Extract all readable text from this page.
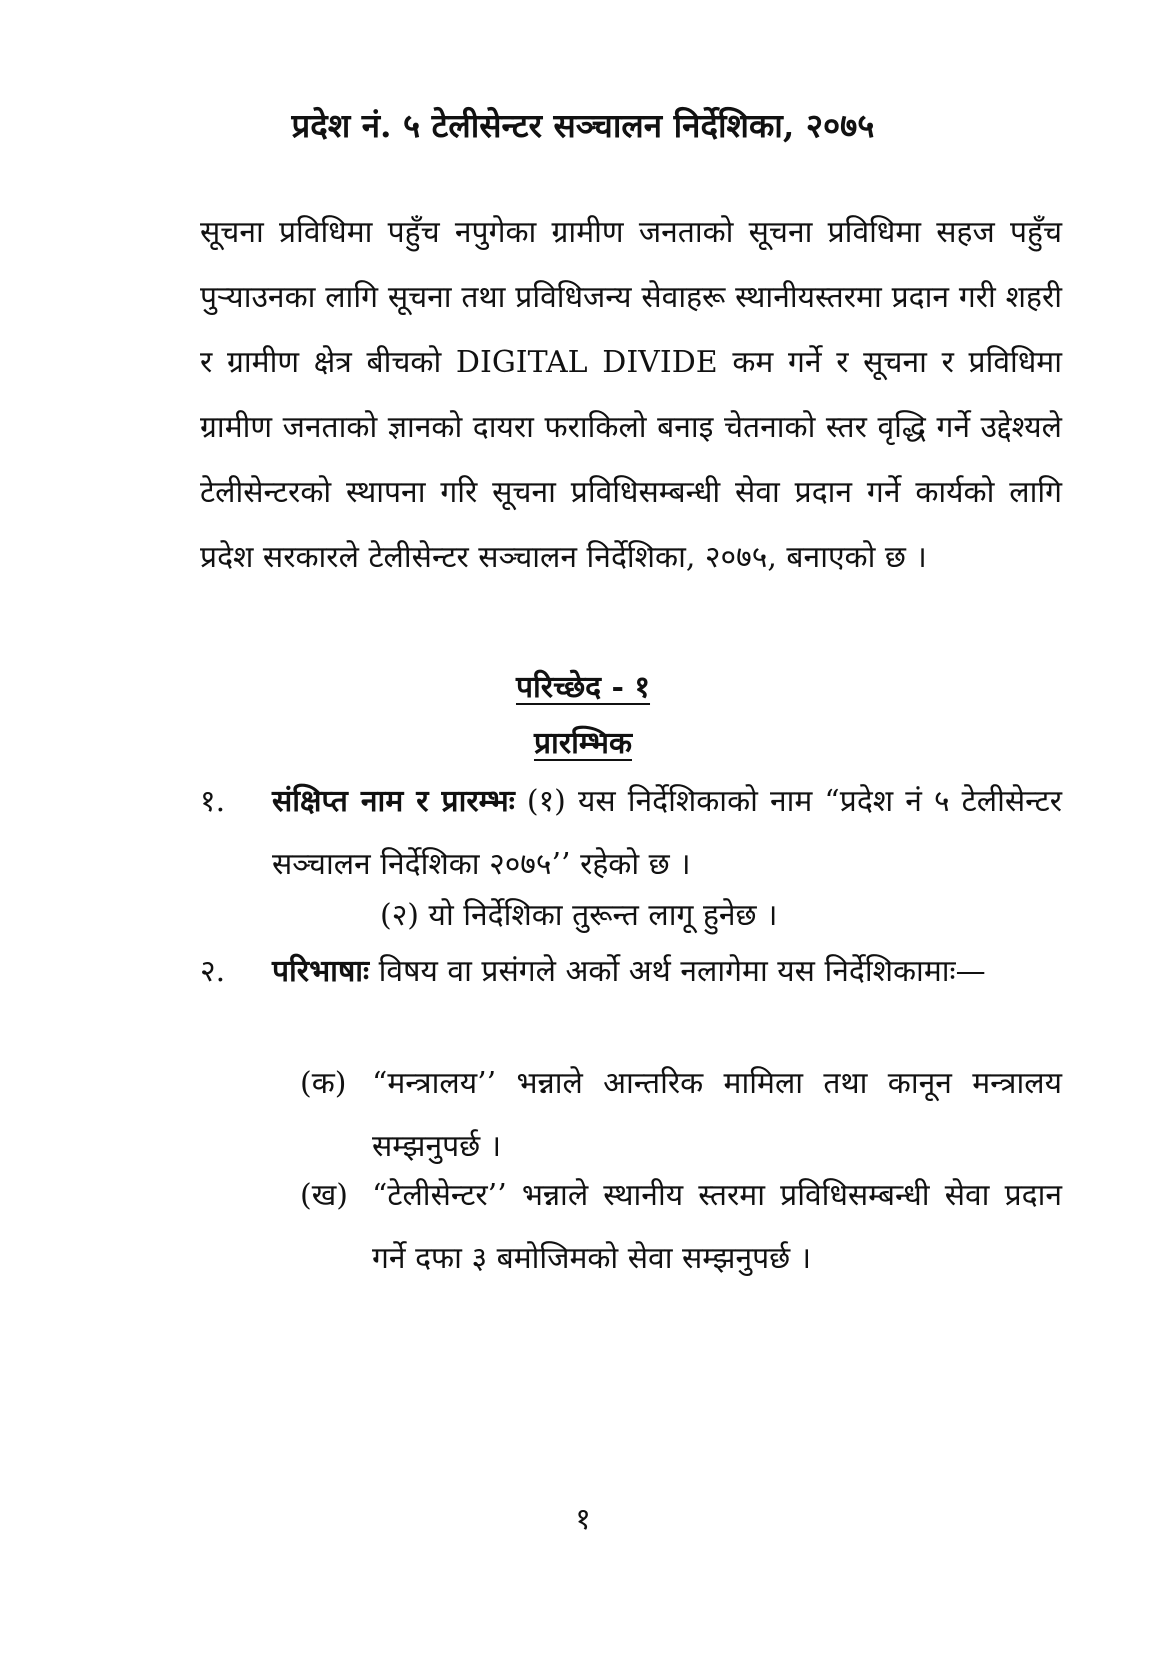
प्रदेश नं. ५ टेलीसेन्टर सञ्चालन निर्देशिका, २०७५
सूचना प्रविधिमा पहुँच नपुगेका ग्रामीण जनताको सूचना प्रविधिमा सहज पहुँच पुऱ्याउनका लागि सूचना तथा प्रविधिजन्य सेवाहरू स्थानीयस्तरमा प्रदान गरी शहरी र ग्रामीण क्षेत्र बीचको DIGITAL DIVIDE कम गर्ने र सूचना र प्रविधिमा ग्रामीण जनताको ज्ञानको दायरा फराकिलो बनाइ चेतनाको स्तर वृद्धि गर्ने उद्देश्यले टेलीसेन्टरको स्थापना गरि सूचना प्रविधिसम्बन्धी सेवा प्रदान गर्ने कार्यको लागि प्रदेश सरकारले टेलीसेन्टर सञ्चालन निर्देशिका, २०७५, बनाएको छ ।
परिच्छेद - १
प्रारम्भिक
१.	संक्षिप्त नाम र प्रारम्भः (१) यस निर्देशिकाको नाम “प्रदेश नं ५ टेलीसेन्टर सञ्चालन निर्देशिका २०७५’’ रहेको छ ।
(२) यो निर्देशिका तुरून्त लागू हुनेछ ।
२.	परिभाषाः विषय वा प्रसंगले अर्को अर्थ नलागेमा यस निर्देशिकामाः—
(क) “मन्त्रालय’’ भन्नाले आन्तरिक मामिला तथा कानून मन्त्रालय सम्झनुपर्छ ।
(ख) “टेलीसेन्टर’’ भन्नाले स्थानीय स्तरमा प्रविधिसम्बन्धी सेवा प्रदान गर्ने दफा ३ बमोजिमको सेवा सम्झनुपर्छ ।
१
